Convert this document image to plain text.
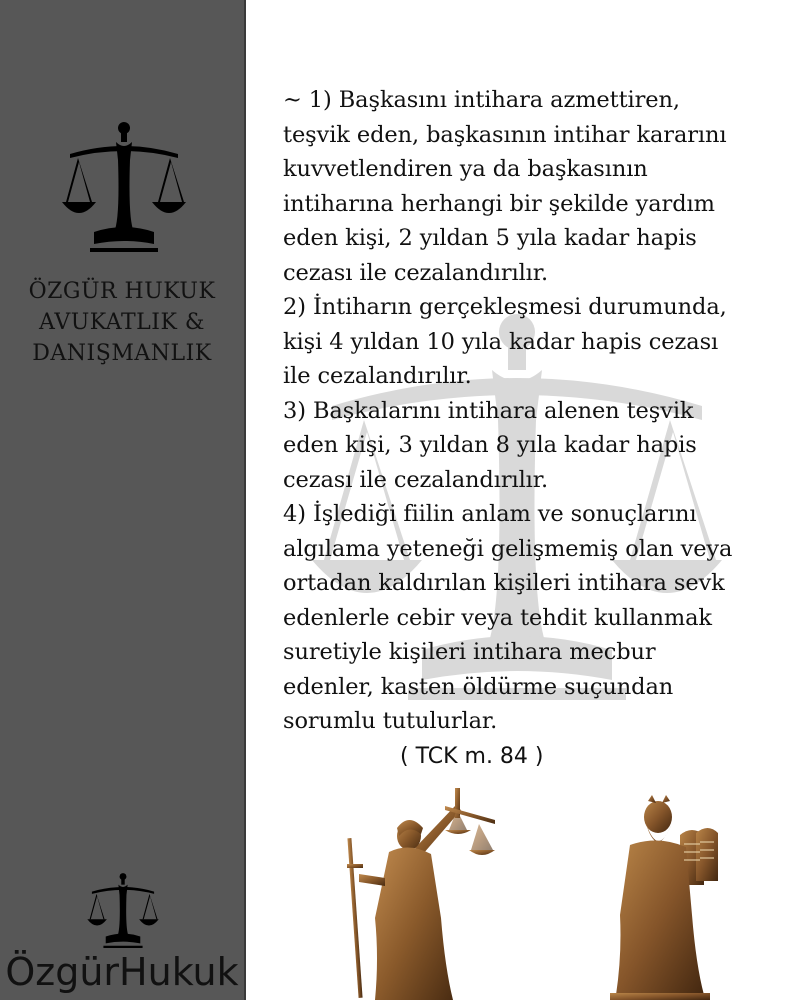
ÖZGÜR HUKUK
AVUKATLIK &
DANIŞMANLIK
ÖzgürHukuk
~ 1) Başkasını intihara azmettiren,
teşvik eden, başkasının intihar kararını
kuvvetlendiren ya da başkasının
intiharına herhangi bir şekilde yardım
eden kişi, 2 yıldan 5 yıla kadar hapis
cezası ile cezalandırılır.
2) İntiharın gerçekleşmesi durumunda,
kişi 4 yıldan 10 yıla kadar hapis cezası
ile cezalandırılır.
3) Başkalarını intihara alenen teşvik
eden kişi, 3 yıldan 8 yıla kadar hapis
cezası ile cezalandırılır.
4) İşlediği fiilin anlam ve sonuçlarını
algılama yeteneği gelişmemiş olan veya
ortadan kaldırılan kişileri intihara sevk
edenlerle cebir veya tehdit kullanmak
suretiyle kişileri intihara mecbur
edenler, kasten öldürme suçundan
sorumlu tutulurlar.
( TCK m. 84 )
